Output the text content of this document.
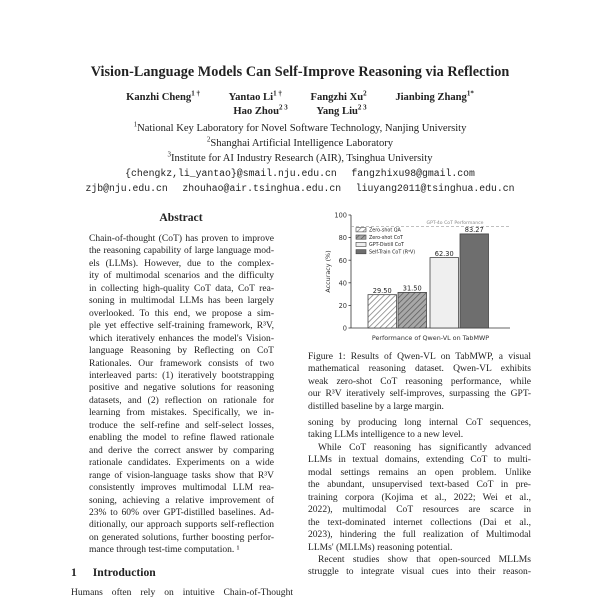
Vision-Language Models Can Self-Improve Reasoning via Reflection
Kanzhi Cheng$^{1 \dagger}$	Yantao $Li^{1 \dagger}$	Fangzhi Xu$^2$	Jianbing Zhang$^{1*}$
Hao Zhou$^{2 3}$	Yang Liu$^{2 3}$
$^1$National Key Laboratory for Novel Software Technology, Nanjing University
$^2$Shanghai Artificial Intelligence Laboratory
$^3$Institute for AI Industry Research (AIR), Tsinghua University
{chengkz,li_yantao}@smail.nju.edu.cn fangzhixu98@gmail.com
zjb@nju.edu.cn zhouhao@air.tsinghua.edu.cn liuyang2011@tsinghua.edu.cn
Abstract
Chain-of-thought (CoT) has proven to improve
the reasoning capability of large language mod-
els (LLMs). However, due to the complex-
ity of multimodal scenarios and the difficulty
in collecting high-quality CoT data, CoT rea-
soning in multimodal LLMs has been largely
overlooked. To this end, we propose a sim-
ple yet effective self-training framework, R³V,
which iteratively enhances the model's Vision-
language Reasoning by Reflecting on CoT
Rationales. Our framework consists of two
interleaved parts: (1) iteratively bootstrapping
positive and negative solutions for reasoning
datasets, and (2) reflection on rationale for
learning from mistakes. Specifically, we in-
troduce the self-refine and self-select losses,
enabling the model to refine flawed rationale
and derive the correct answer by comparing
rationale candidates. Experiments on a wide
range of vision-language tasks show that R³V
consistently improves multimodal LLM rea-
soning, achieving a relative improvement of
23% to 60% over GPT-distilled baselines. Ad-
ditionally, our approach supports self-reflection
on generated solutions, further boosting perfor-
mance through test-time computation. ¹
1 Introduction
Humans often rely on intuitive Chain-of-Thought
0
20
40
60
80
100
Accuracy (%)
Performance of Qwen-VL on TabMWP
GPT-4o CoT Performance
29.50 31.50
62.30
83.27
Zero-shot QA
Zero-shot CoT
GPT-Distill CoT
Self-Train CoT (R³V)
Figure 1: Results of Qwen-VL on TabMWP, a visual
mathematical reasoning dataset. Qwen-VL exhibits
weak zero-shot CoT reasoning performance, while
our R³V iteratively self-improves, surpassing the GPT-
distilled baseline by a large margin.
soning by producing long internal CoT sequences,
taking LLMs intelligence to a new level.
While CoT reasoning has significantly advanced
LLMs in textual domains, extending CoT to multi-
modal settings remains an open problem. Unlike
the abundant, unsupervised text-based CoT in pre-
training corpora (Kojima et al., 2022; Wei et al.,
2022), multimodal CoT resources are scarce in
the text-dominated internet collections (Dai et al.,
2023), hindering the full realization of Multimodal
LLMs' (MLLMs) reasoning potential.
Recent studies show that open-sourced MLLMs
struggle to integrate visual cues into their reason-
